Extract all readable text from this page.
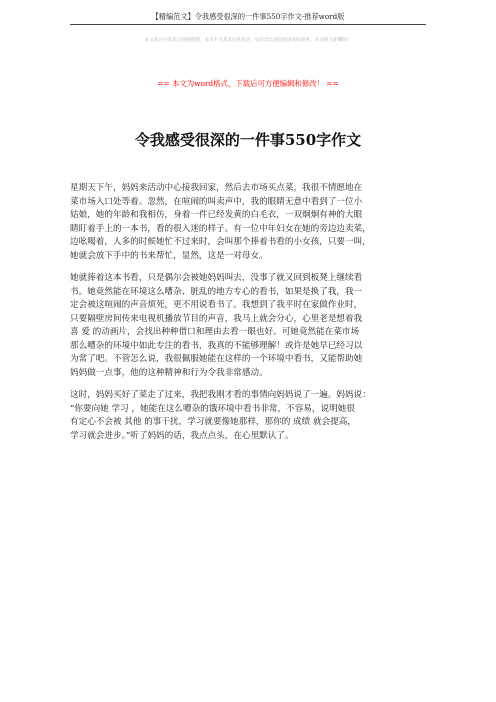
【精编范文】令我感受很深的一件事550字作文-推荐word版
本文部分内容来自网络整理，本司不为其真实性负责，如有异议或侵权请及时联系，本司将立即删除！
== 本文为word格式，下载后可方便编辑和修改！ ==
令我感受很深的一件事550字作文

星期天下午，妈妈来活动中心接我回家，然后去市场买点菜，我很不情愿地在
菜市场入口处等着。忽然，在喧闹的叫卖声中，我的眼睛无意中看到了一位小
姑娘，她的年龄和我相仿，身着一件已经发黄的白毛衣，一双炯炯有神的大眼
睛盯着手上的一本书，看的很入迷的样子。有一位中年妇女在她的旁边边卖菜，
边吆喝着，人多的时候她忙不过来时，会叫那个捧着书看的小女孩，只要一叫，
她就会放下手中的书来帮忙，显然，这是一对母女。

她就捧着这本书看，只是偶尔会被她妈妈叫去，没事了就又回到板凳上继续看
书。她竟然能在环境这么嘈杂、脏乱的地方专心的看书，如果是换了我，我一
定会被这喧闹的声音烦死，更不用说看书了。我想到了我平时在家做作业时，
只要隔壁房间传来电视机播放节目的声音，我马上就会分心，心里老是想着我
喜 爱 的动画片，会找出种种借口和理由去看一眼也好。可她竟然能在菜市场
那么嘈杂的环境中如此专注的看书，我真的不能够理解！或许是她早已经习以
为常了吧。不管怎么说，我很佩服她能在这样的一个环境中看书，又能帮助她
妈妈做一点事，他的这种精神和行为令我非常感动。

这时，妈妈买好了菜走了过来，我把我刚才看的事情向妈妈说了一遍。妈妈说：
“你要向她 学习 ，她能在这么嘈杂的饿环境中看书非常，不容易，说明她很
有定心不会被 其他 的事干扰，学习就要像她那样，那你的 成绩 就会提高，
学习就会进步。”听了妈妈的话，我点点头，在心里默认了。
